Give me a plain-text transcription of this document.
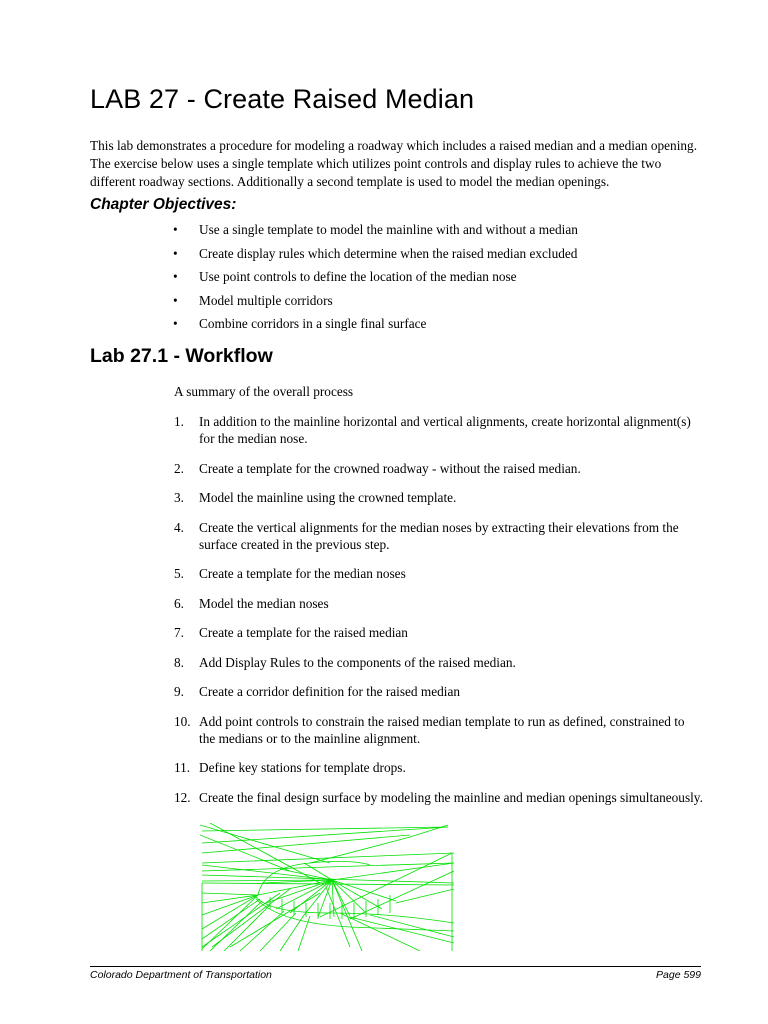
LAB 27 - Create Raised Median

This lab demonstrates a procedure for modeling a roadway which includes a raised median and a median opening. The exercise below uses a single template which utilizes point controls and display rules to achieve the two different roadway sections. Additionally a second template is used to model the median openings.

Chapter Objectives:
• Use a single template to model the mainline with and without a median
• Create display rules which determine when the raised median excluded
• Use point controls to define the location of the median nose
• Model multiple corridors
• Combine corridors in a single final surface
Lab 27.1 - Workflow

A summary of the overall process

1. In addition to the mainline horizontal and vertical alignments, create horizontal alignment(s) for the median nose.
2. Create a template for the crowned roadway - without the raised median.
3. Model the mainline using the crowned template.
4. Create the vertical alignments for the median noses by extracting their elevations from the surface created in the previous step.
5. Create a template for the median noses
6. Model the median noses
7. Create a template for the raised median
8. Add Display Rules to the components of the raised median.
9. Create a corridor definition for the raised median
10. Add point controls to constrain the raised median template to run as defined, constrained to the medians or to the mainline alignment.
11. Define key stations for template drops.
12. Create the final design surface by modeling the mainline and median openings simultaneously.
Colorado Department of Transportation	Page 599
